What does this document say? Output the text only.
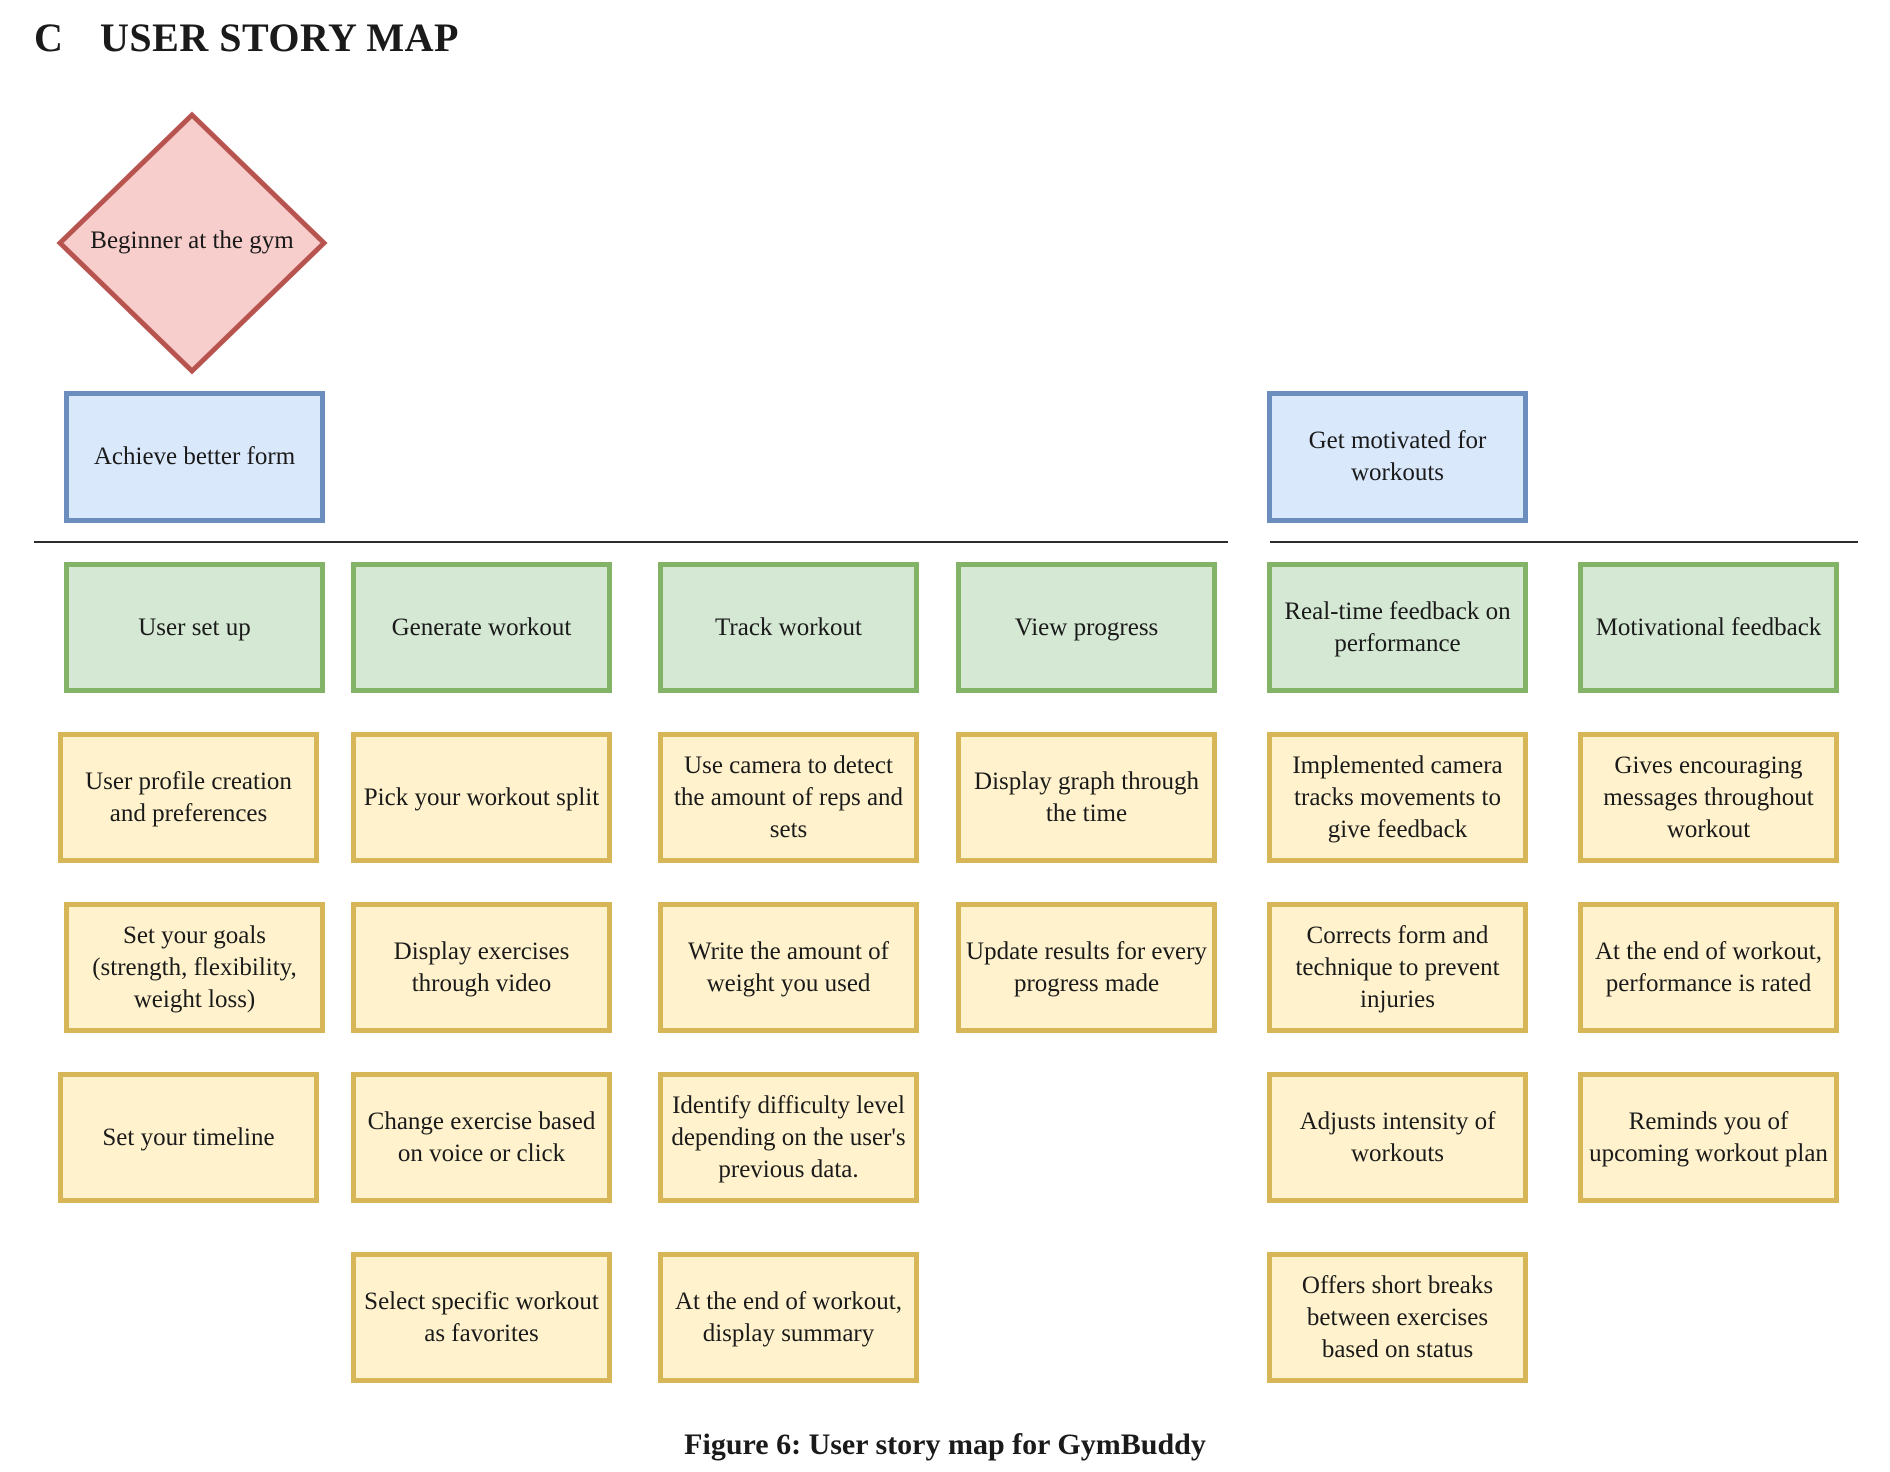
C USER STORY MAP
Beginner at the gym
Achieve better form
Get motivated for workouts
User set up	Generate workout	Track workout	View progress
Real-time feedback on performance
Motivational feedback
User profile creation and preferences
Set your goals (strength, flexibility, weight loss)
Set your timeline
Pick your workout split
Display exercises through video
Change exercise based on voice or click
Select specific workout as favorites
Use camera to detect the amount of reps and sets
Write the amount of weight you used
Identify difficulty level depending on the user's previous data.
At the end of workout, display summary
Display graph through the time
Update results for every progress made
Implemented camera tracks movements to give feedback
Corrects form and technique to prevent injuries
Adjusts intensity of workouts
Offers short breaks between exercises based on status
Gives encouraging messages throughout workout
At the end of workout, performance is rated
Reminds you of upcoming workout plan
Figure 6: User story map for GymBuddy
